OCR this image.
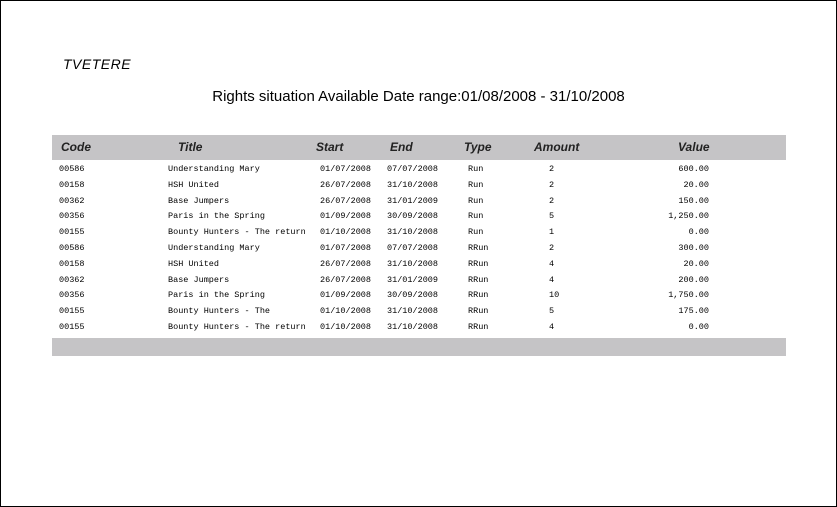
TVETERE
Rights situation Available Date range:01/08/2008 - 31/10/2008
Code	Title	Start	End	Type	Amount	Value
00586	Understanding Mary	01/07/2008 07/07/2008	Run	2	600.00
00158	HSH United	26/07/2008 31/10/2008	Run	2	20.00
00362	Base Jumpers	26/07/2008 31/01/2009	Run	2	150.00
00356	Paris in the Spring	01/09/2008 30/09/2008	Run	5	1,250.00
00155	Bounty Hunters - The return 01/10/2008 31/10/2008	Run	1	0.00
00586	Understanding Mary	01/07/2008 07/07/2008	RRun	2	300.00
00158	HSH United	26/07/2008 31/10/2008	RRun	4	20.00
00362	Base Jumpers	26/07/2008 31/01/2009	RRun	4	200.00
00356	Paris in the Spring	01/09/2008 30/09/2008	RRun	10	1,750.00
00155	Bounty Hunters - The	01/10/2008 31/10/2008	RRun	5	175.00
00155	Bounty Hunters - The return 01/10/2008 31/10/2008	RRun	4	0.00
